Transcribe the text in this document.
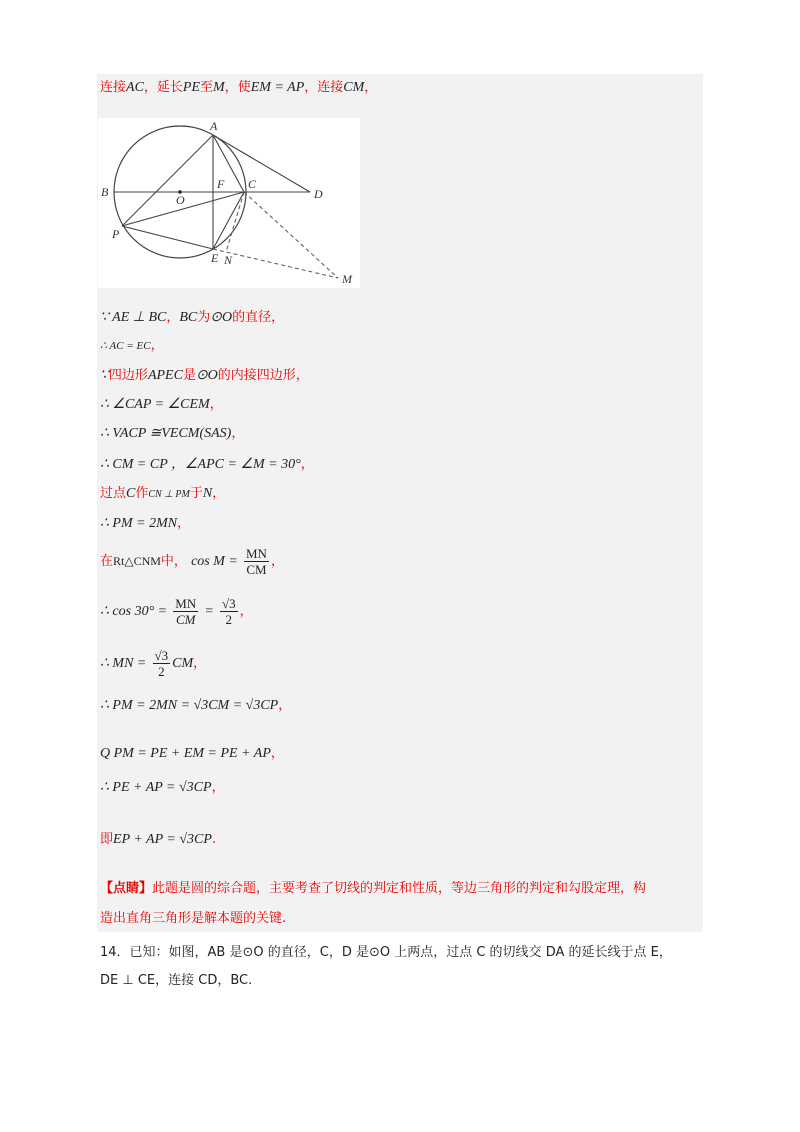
连接AC，延长PE至M，使EM = AP，连接CM，
A
B
C
D
E
F
O
P
N
M
∵ AE ⊥ BC，BC为⊙O的直径，
∴ AC = EC，
∵四边形APEC是⊙O的内接四边形，
∴ ∠CAP = ∠CEM，
∴ VACP ≅VECM(SAS)，
∴ CM = CP ，∠APC = ∠M = 30°，
过点C作CN ⊥ PM于N，
∴ PM = 2MN，
在Rt△CNM中， $\cos M = \frac{MN}{CM}$ ，
∴ $\cos 30^\circ = \frac{MN}{CM} = \frac{√3}{2}$ ，
∴ MN = $\frac{√3}{2}$ CM，
∴ PM = 2MN = √3CM = √3CP，
Q PM = PE + EM = PE + AP，
∴ PE + AP = √3CP，
即EP + AP = √3CP.
【点睛】此题是圆的综合题，主要考查了切线的判定和性质，等边三角形的判定和勾股定理，构
造出直角三角形是解本题的关键.
14．已知：如图，AB 是⊙O 的直径，C，D 是⊙O 上两点，过点 C 的切线交 DA 的延长线于点 E，
DE ⊥ CE，连接 CD，BC.
